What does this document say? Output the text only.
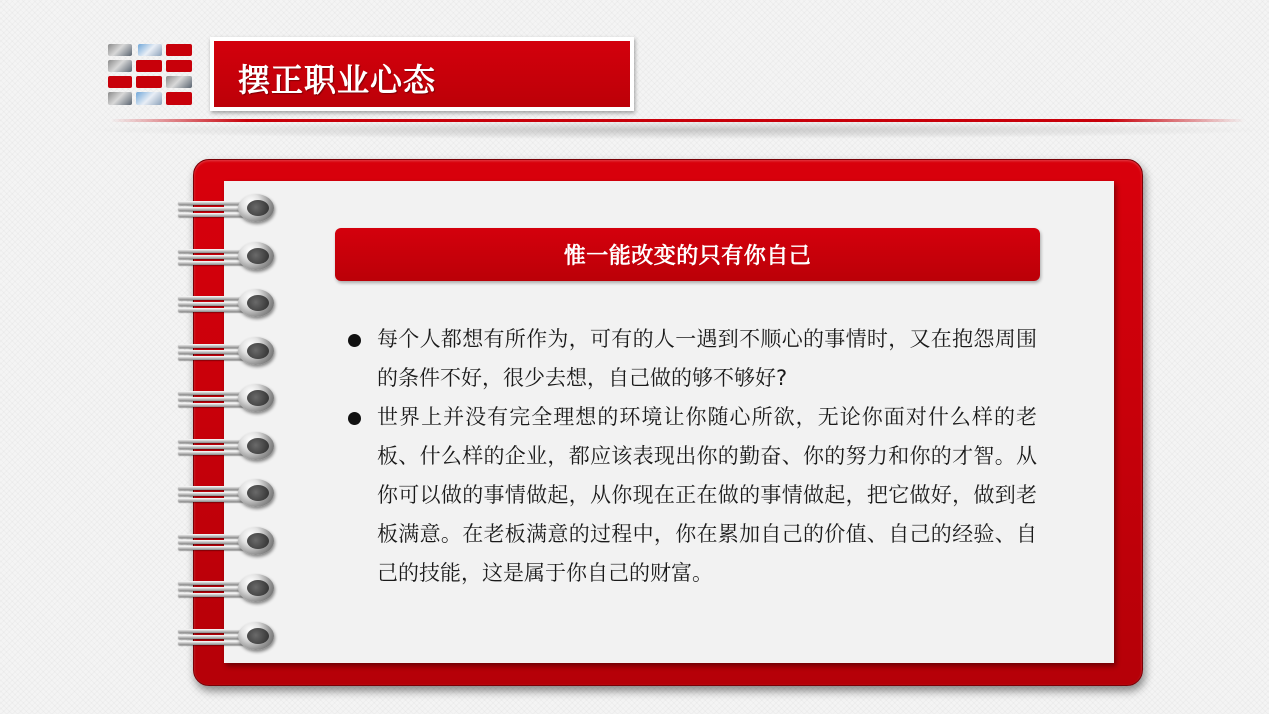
摆正职业心态
惟一能改变的只有你自己
每个人都想有所作为，可有的人一遇到不顺心的事情时，又在抱怨周围的条件不好，很少去想，自己做的够不够好?
世界上并没有完全理想的环境让你随心所欲，无论你面对什么样的老板、什么样的企业，都应该表现出你的勤奋、你的努力和你的才智。从你可以做的事情做起，从你现在正在做的事情做起，把它做好，做到老板满意。在老板满意的过程中，你在累加自己的价值、自己的经验、自己的技能，这是属于你自己的财富。
